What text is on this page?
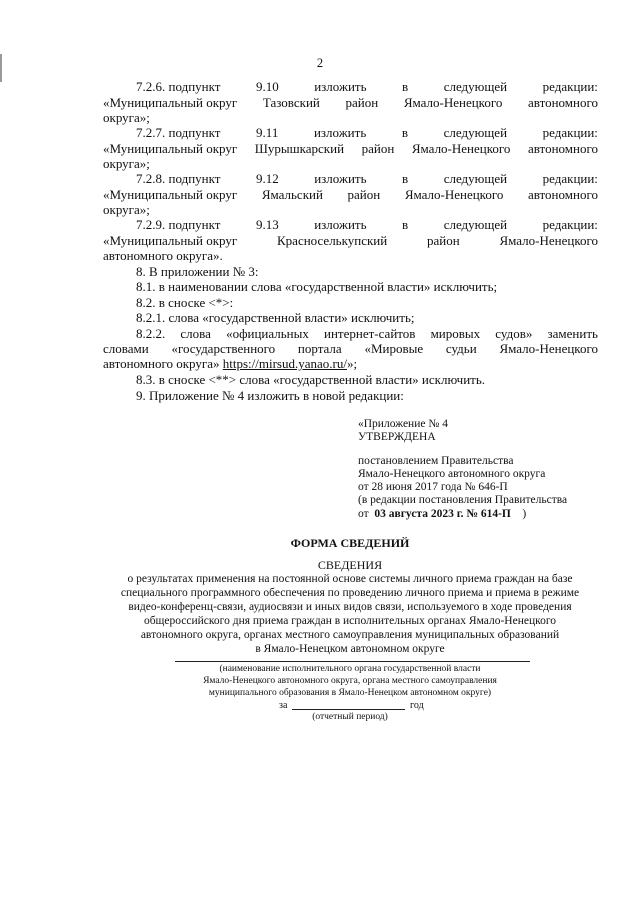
2
7.2.6. подпункт	9.10	изложить	в	следующей	редакции:
«Муниципальный округ Тазовский район Ямало-Ненецкого автономного
округа»;
7.2.7. подпункт	9.11	изложить	в	следующей	редакции:
«Муниципальный округ Шурышкарский район Ямало-Ненецкого автономного
округа»;
7.2.8. подпункт	9.12	изложить	в	следующей	редакции:
«Муниципальный округ Ямальский район Ямало-Ненецкого автономного
округа»;
7.2.9. подпункт	9.13	изложить	в	следующей	редакции:
«Муниципальный округ	Красноселькупский	район	Ямало-Ненецкого
автономного округа».
8. В приложении № 3:
8.1. в наименовании слова «государственной власти» исключить;
8.2. в сноске <*>:
8.2.1. слова «государственной власти» исключить;
8.2.2. слова «официальных интернет-сайтов мировых судов» заменить
словами «государственного портала «Мировые судьи Ямало-Ненецкого
автономного округа» https://mirsud.yanao.ru/»;
8.3. в сноске <**> слова «государственной власти» исключить.
9. Приложение № 4 изложить в новой редакции:
«Приложение № 4
УТВЕРЖДЕНА
постановлением Правительства
Ямало-Ненецкого автономного округа
от 28 июня 2017 года № 646-П
(в редакции постановления Правительства
от 03 августа 2023 г. № 614-П )
ФОРМА СВЕДЕНИЙ
СВЕДЕНИЯ
о результатах применения на постоянной основе системы личного приема граждан на базе
специального программного обеспечения по проведению личного приема и приема в режиме
видео-конференц-связи, аудиосвязи и иных видов связи, используемого в ходе проведения
общероссийского дня приема граждан в исполнительных органах Ямало-Ненецкого
автономного округа, органах местного самоуправления муниципальных образований
в Ямало-Ненецком автономном округе
(наименование исполнительного органа государственной власти
Ямало-Ненецкого автономного округа, органа местного самоуправления
муниципального образования в Ямало-Ненецком автономном округе)
за	год
(отчетный период)
